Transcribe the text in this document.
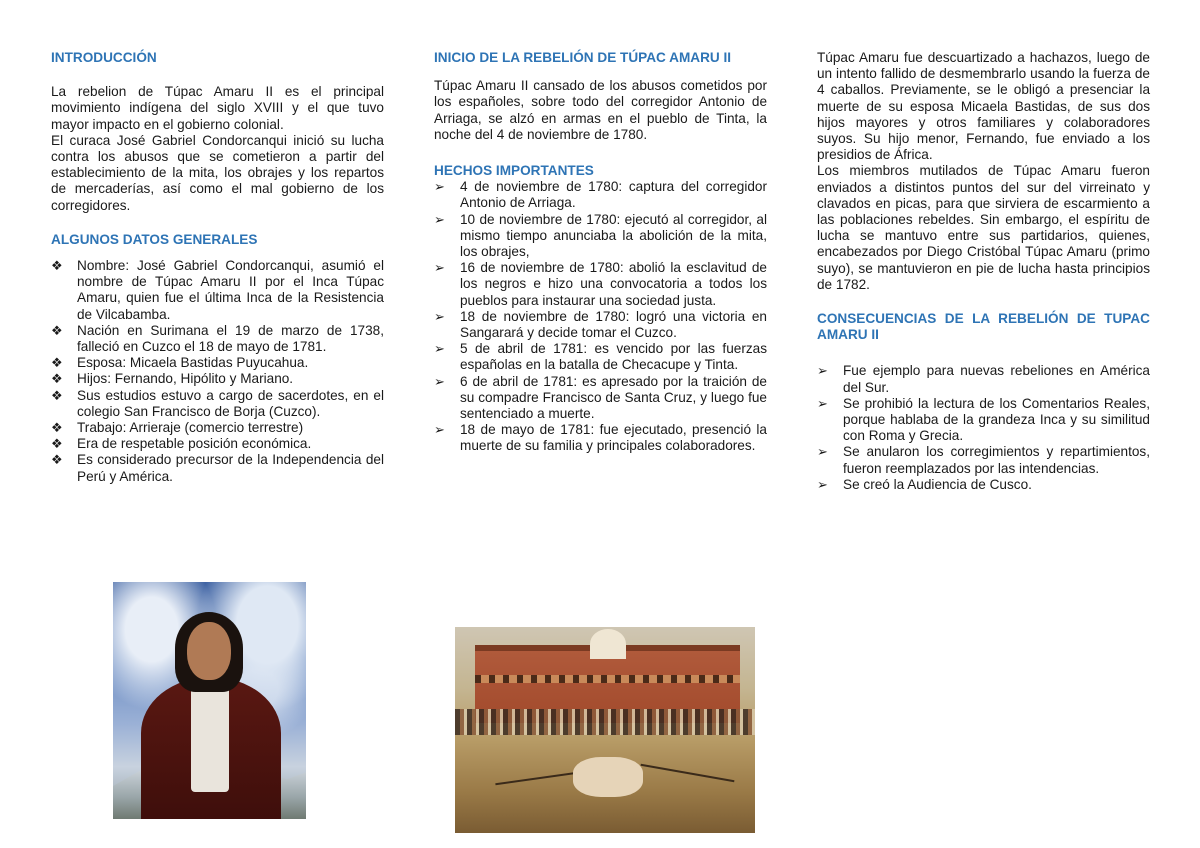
INTRODUCCIÓN

La rebelion de Túpac Amaru II es el principal movimiento indígena del siglo XVIII y el que tuvo mayor impacto en el gobierno colonial.

El curaca José Gabriel Condorcanqui inició su lucha contra los abusos que se cometieron a partir del establecimiento de la mita, los obrajes y los repartos de mercaderías, así como el mal gobierno de los corregidores.

ALGUNOS DATOS GENERALES
❖	Nombre: José Gabriel Condorcanqui, asumió el nombre de Túpac Amaru II por el Inca Túpac Amaru, quien fue el última Inca de la Resistencia de Vilcabamba.
❖	Nación en Surimana el 19 de marzo de 1738, falleció en Cuzco el 18 de mayo de 1781.
❖	Esposa: Micaela Bastidas Puyucahua.
❖	Hijos: Fernando, Hipólito y Mariano.
❖	Sus estudios estuvo a cargo de sacerdotes, en el colegio San Francisco de Borja (Cuzco).
❖	Trabajo: Arrieraje (comercio terrestre)
❖	Era de respetable posición económica.
❖	Es considerado precursor de la Independencia del Perú y América.
INICIO DE LA REBELIÓN DE TÚPAC AMARU II

Túpac Amaru II cansado de los abusos cometidos por los españoles, sobre todo del corregidor Antonio de Arriaga, se alzó en armas en el pueblo de Tinta, la noche del 4 de noviembre de 1780.

HECHOS IMPORTANTES
➢	4 de noviembre de 1780: captura del corregidor Antonio de Arriaga.
➢	10 de noviembre de 1780: ejecutó al corregidor, al mismo tiempo anunciaba la abolición de la mita, los obrajes,
➢	16 de noviembre de 1780: abolió la esclavitud de los negros e hizo una convocatoria a todos los pueblos para instaurar una sociedad justa.
➢	18 de noviembre de 1780: logró una victoria en Sangarará y decide tomar el Cuzco.
➢	5 de abril de 1781: es vencido por las fuerzas españolas en la batalla de Checacupe y Tinta.
➢	6 de abril de 1781: es apresado por la traición de su compadre Francisco de Santa Cruz, y luego fue sentenciado a muerte.
➢	18 de mayo de 1781: fue ejecutado, presenció la muerte de su familia y principales colaboradores.

Túpac Amaru fue descuartizado a hachazos, luego de un intento fallido de desmembrarlo usando la fuerza de 4 caballos. Previamente, se le obligó a presenciar la muerte de su esposa Micaela Bastidas, de sus dos hijos mayores y otros familiares y colaboradores suyos. Su hijo menor, Fernando, fue enviado a los presidios de África.

Los miembros mutilados de Túpac Amaru fueron enviados a distintos puntos del sur del virreinato y clavados en picas, para que sirviera de escarmiento a las poblaciones rebeldes. Sin embargo, el espíritu de lucha se mantuvo entre sus partidarios, quienes, encabezados por Diego Cristóbal Túpac Amaru (primo suyo), se mantuvieron en pie de lucha hasta principios de 1782.

CONSECUENCIAS DE LA REBELIÓN DE TUPAC AMARU II
➢	Fue ejemplo para nuevas rebeliones en América del Sur.
➢	Se prohibió la lectura de los Comentarios Reales, porque hablaba de la grandeza Inca y su similitud con Roma y Grecia.
➢	Se anularon los corregimientos y repartimientos, fueron reemplazados por las intendencias.
➢	Se creó la Audiencia de Cusco.
